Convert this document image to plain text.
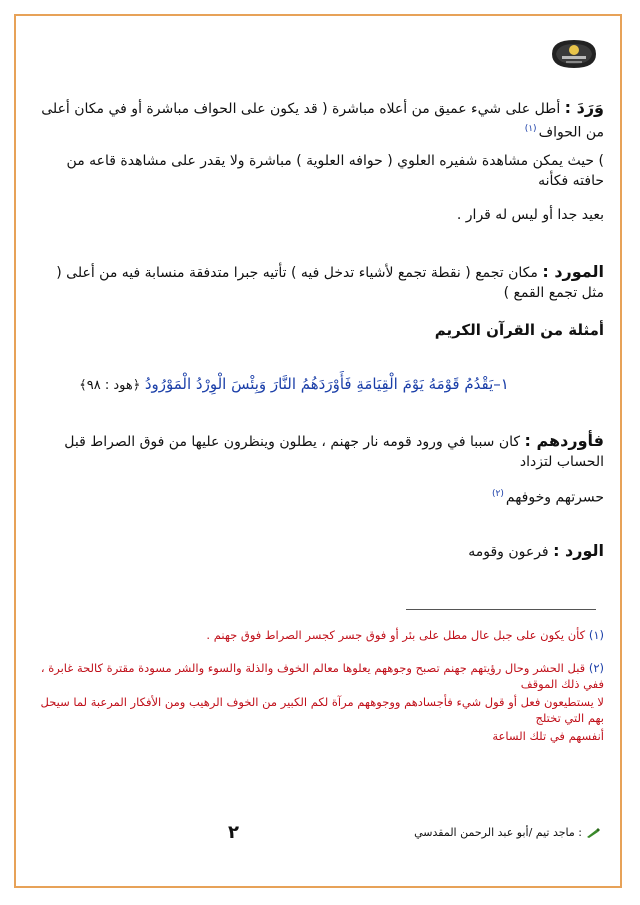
وَرَدَ : أطل على شيء عميق من أعلاه مباشرة ( قد يكون على الحواف مباشرة أو في مكان أعلى من الحواف$^{(١)}$

) حيث يمكن مشاهدة شفيره العلوي ( حوافه العلوية ) مباشرة ولا يقدر على مشاهدة قاعه من حافته فكأنه

بعيد جدا أو ليس له قرار .

المورد : مكان تجمع ( نقطة تجمع لأشياء تدخل فيه ) تأتيه جبرا متدفقة منسابة فيه من أعلى ( مثل تجمع القمع )

أمثلة من القرآن الكريم

١–يَقْدُمُ قَوْمَهُ يَوْمَ الْقِيَامَةِ فَأَوْرَدَهُمُ النَّارَ وَبِئْسَ الْوِرْدُ الْمَوْرُودُ ﴿هود : ٩٨﴾

فأوردهم : كان سببا في ورود قومه نار جهنم ، يطلون وينظرون عليها من فوق الصراط قبل الحساب لتزداد

حسرتهم وخوفهم$^{(٢)}$

الورد : فرعون وقومه

(١) كأن يكون على جبل عال مطل على بئر أو فوق جسر كجسر الصراط فوق جهنم .

(٢) قبل الحشر وحال رؤيتهم جهنم تصبح وجوههم يعلوها معالم الخوف والذلة والسوء والشر مسودة مقترة كالحة غابرة ، ففي ذلك الموقف

لا يستطيعون فعل أو قول شيء فأجسادهم ووجوههم مرآة لكم الكبير من الخوف الرهيب ومن الأفكار المرعبة لما سيحل بهم التي تختلج

أنفسهم في تلك الساعة

٢	: ماجد تيم /أبو عبد الرحمن المقدسي
